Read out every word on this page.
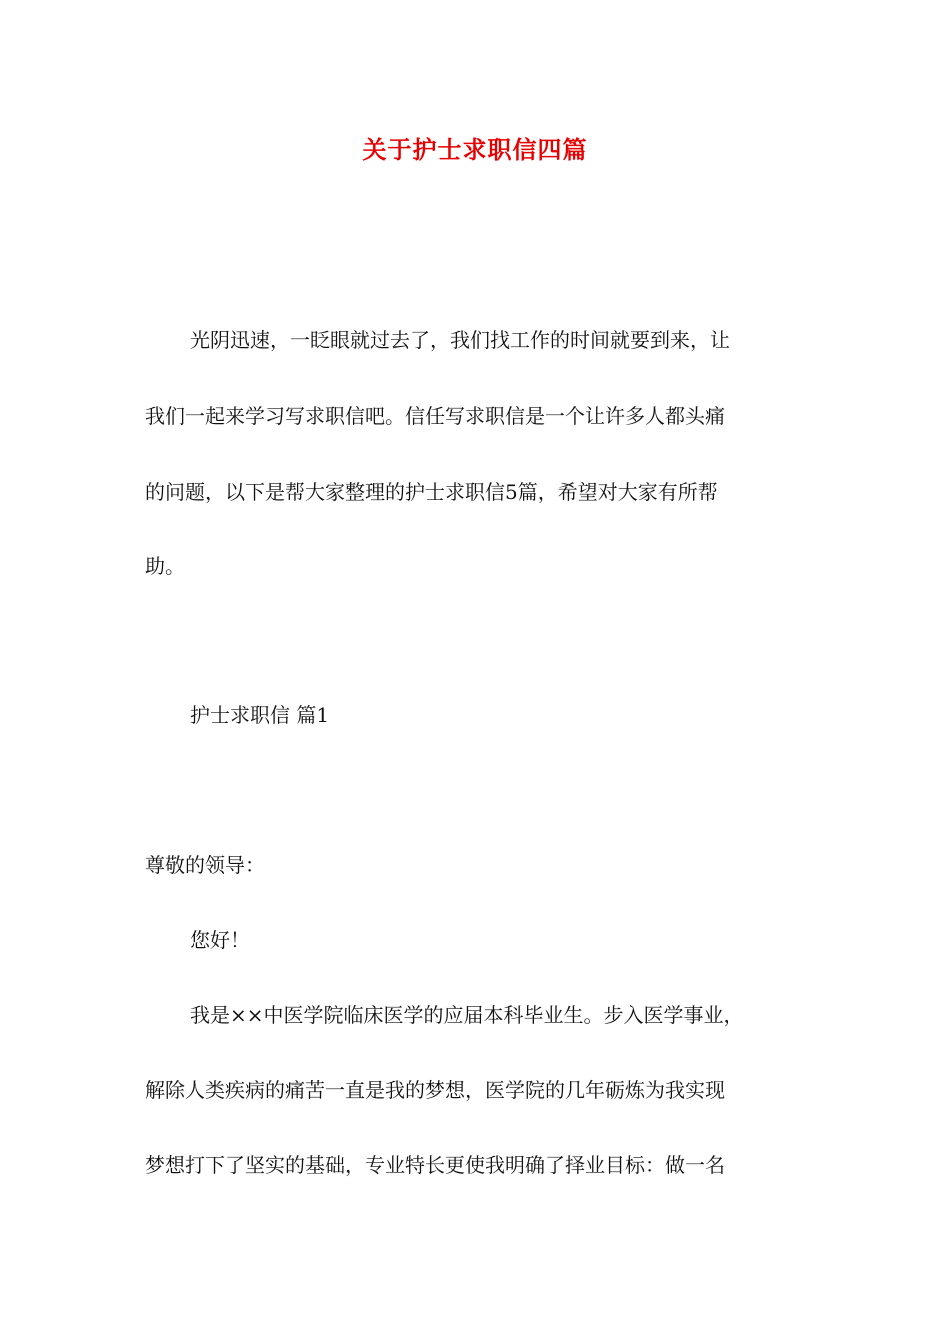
关于护士求职信四篇
光阴迅速，一眨眼就过去了，我们找工作的时间就要到来，让
我们一起来学习写求职信吧。信任写求职信是一个让许多人都头痛
的问题，以下是帮大家整理的护士求职信5篇，希望对大家有所帮
助。
护士求职信 篇1
尊敬的领导：
您好！
我是××中医学院临床医学的应届本科毕业生。步入医学事业，
解除人类疾病的痛苦一直是我的梦想，医学院的几年砺炼为我实现
梦想打下了坚实的基础，专业特长更使我明确了择业目标：做一名
